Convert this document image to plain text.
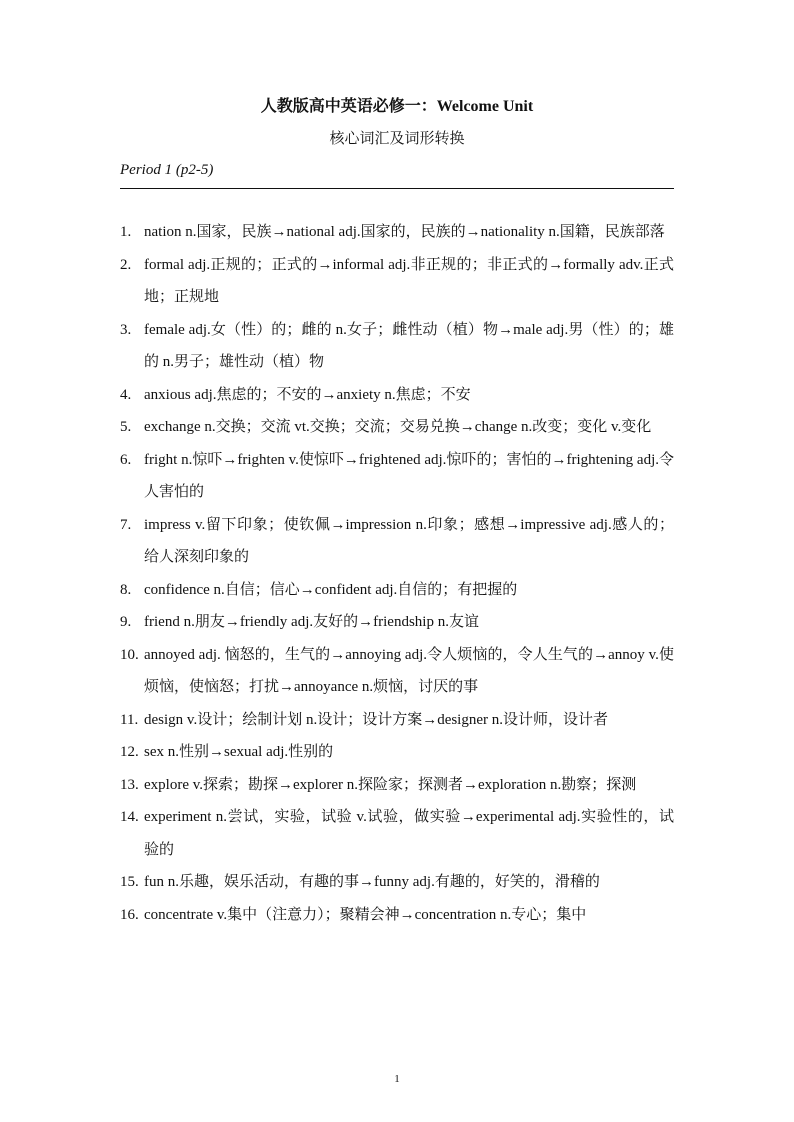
人教版高中英语必修一：Welcome Unit
核心词汇及词形转换
Period 1 (p2-5)
1. nation n.国家，民族→national adj.国家的，民族的→nationality n.国籍，民族部落
2. formal adj.正规的；正式的→informal adj.非正规的；非正式的→formally adv.正式地；正规地
3. female adj.女（性）的；雌的 n.女子；雌性动（植）物→male adj.男（性）的；雄的 n.男子；雄性动（植）物
4. anxious adj.焦虑的；不安的→anxiety n.焦虑；不安
5. exchange n.交换；交流 vt.交换；交流；交易兑换→change n.改变；变化 v.变化
6. fright n.惊吓→frighten v.使惊吓→frightened adj.惊吓的；害怕的→frightening adj.令人害怕的
7. impress v.留下印象；使钦佩→impression n.印象；感想→impressive adj.感人的；给人深刻印象的
8. confidence n.自信；信心→confident adj.自信的；有把握的
9. friend n.朋友→friendly adj.友好的→friendship n.友谊
10. annoyed adj. 恼怒的，生气的→annoying adj.令人烦恼的，令人生气的→annoy v.使烦恼，使恼怒；打扰→annoyance n.烦恼，讨厌的事
11. design v.设计；绘制计划 n.设计；设计方案→designer n.设计师，设计者
12. sex n.性别→sexual adj.性别的
13. explore v.探索；勘探→explorer n.探险家；探测者→exploration n.勘察；探测
14. experiment n.尝试，实验，试验 v.试验，做实验→experimental adj.实验性的，试验的
15. fun n.乐趣，娱乐活动，有趣的事→funny adj.有趣的，好笑的，滑稽的
16. concentrate v.集中（注意力）；聚精会神→concentration n.专心；集中
1
